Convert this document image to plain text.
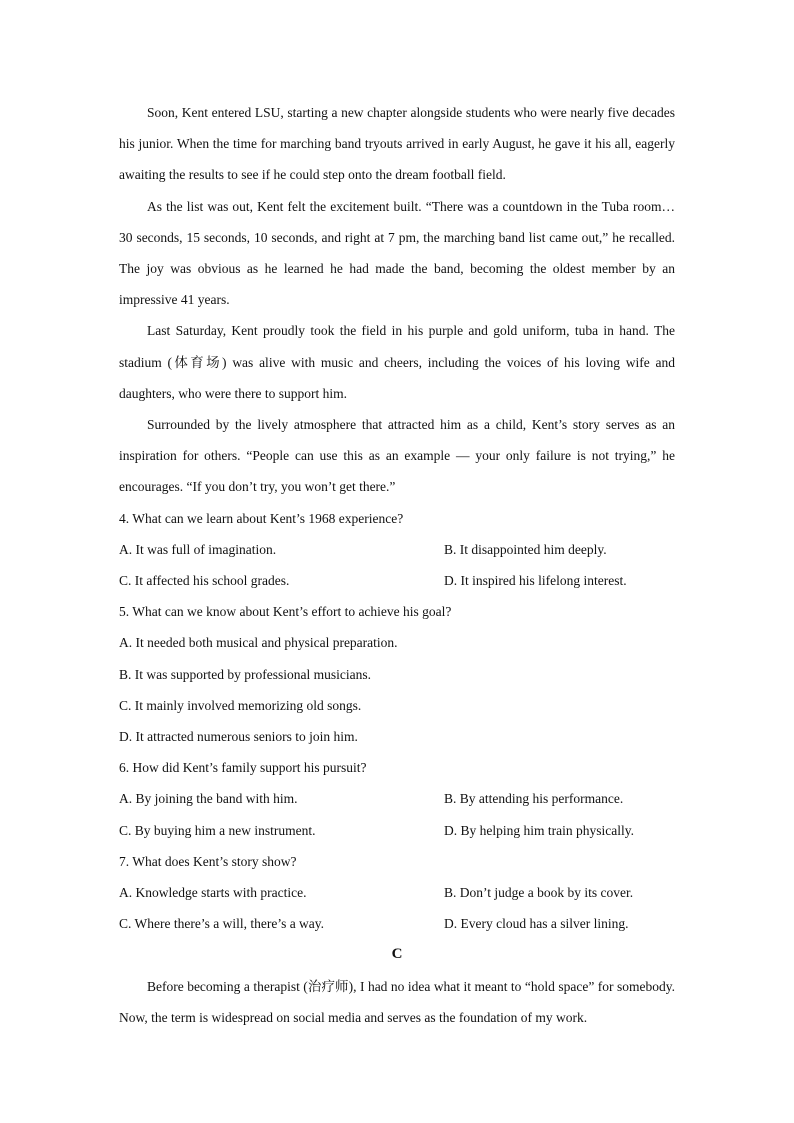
Soon, Kent entered LSU, starting a new chapter alongside students who were nearly five decades his junior. When the time for marching band tryouts arrived in early August, he gave it his all, eagerly awaiting the results to see if he could step onto the dream football field.

As the list was out, Kent felt the excitement built. “There was a countdown in the Tuba room… 30 seconds, 15 seconds, 10 seconds, and right at 7 pm, the marching band list came out,” he recalled. The joy was obvious as he learned he had made the band, becoming the oldest member by an impressive 41 years.

Last Saturday, Kent proudly took the field in his purple and gold uniform, tuba in hand. The stadium (体育场) was alive with music and cheers, including the voices of his loving wife and daughters, who were there to support him.

Surrounded by the lively atmosphere that attracted him as a child, Kent’s story serves as an inspiration for others. “People can use this as an example — your only failure is not trying,” he encourages. “If you don’t try, you won’t get there.”

4. What can we learn about Kent’s 1968 experience?

A. It was full of imagination.	B. It disappointed him deeply.
C. It affected his school grades.	D. It inspired his lifelong interest.

5. What can we know about Kent’s effort to achieve his goal?

A. It needed both musical and physical preparation.

B. It was supported by professional musicians.

C. It mainly involved memorizing old songs.

D. It attracted numerous seniors to join him.

6. How did Kent’s family support his pursuit?

A. By joining the band with him.	B. By attending his performance.
C. By buying him a new instrument.	D. By helping him train physically.

7. What does Kent’s story show?

A. Knowledge starts with practice.	B. Don’t judge a book by its cover.
C. Where there’s a will, there’s a way.	D. Every cloud has a silver lining.

C

Before becoming a therapist (治疗师), I had no idea what it meant to “hold space” for somebody. Now, the term is widespread on social media and serves as the foundation of my work.
